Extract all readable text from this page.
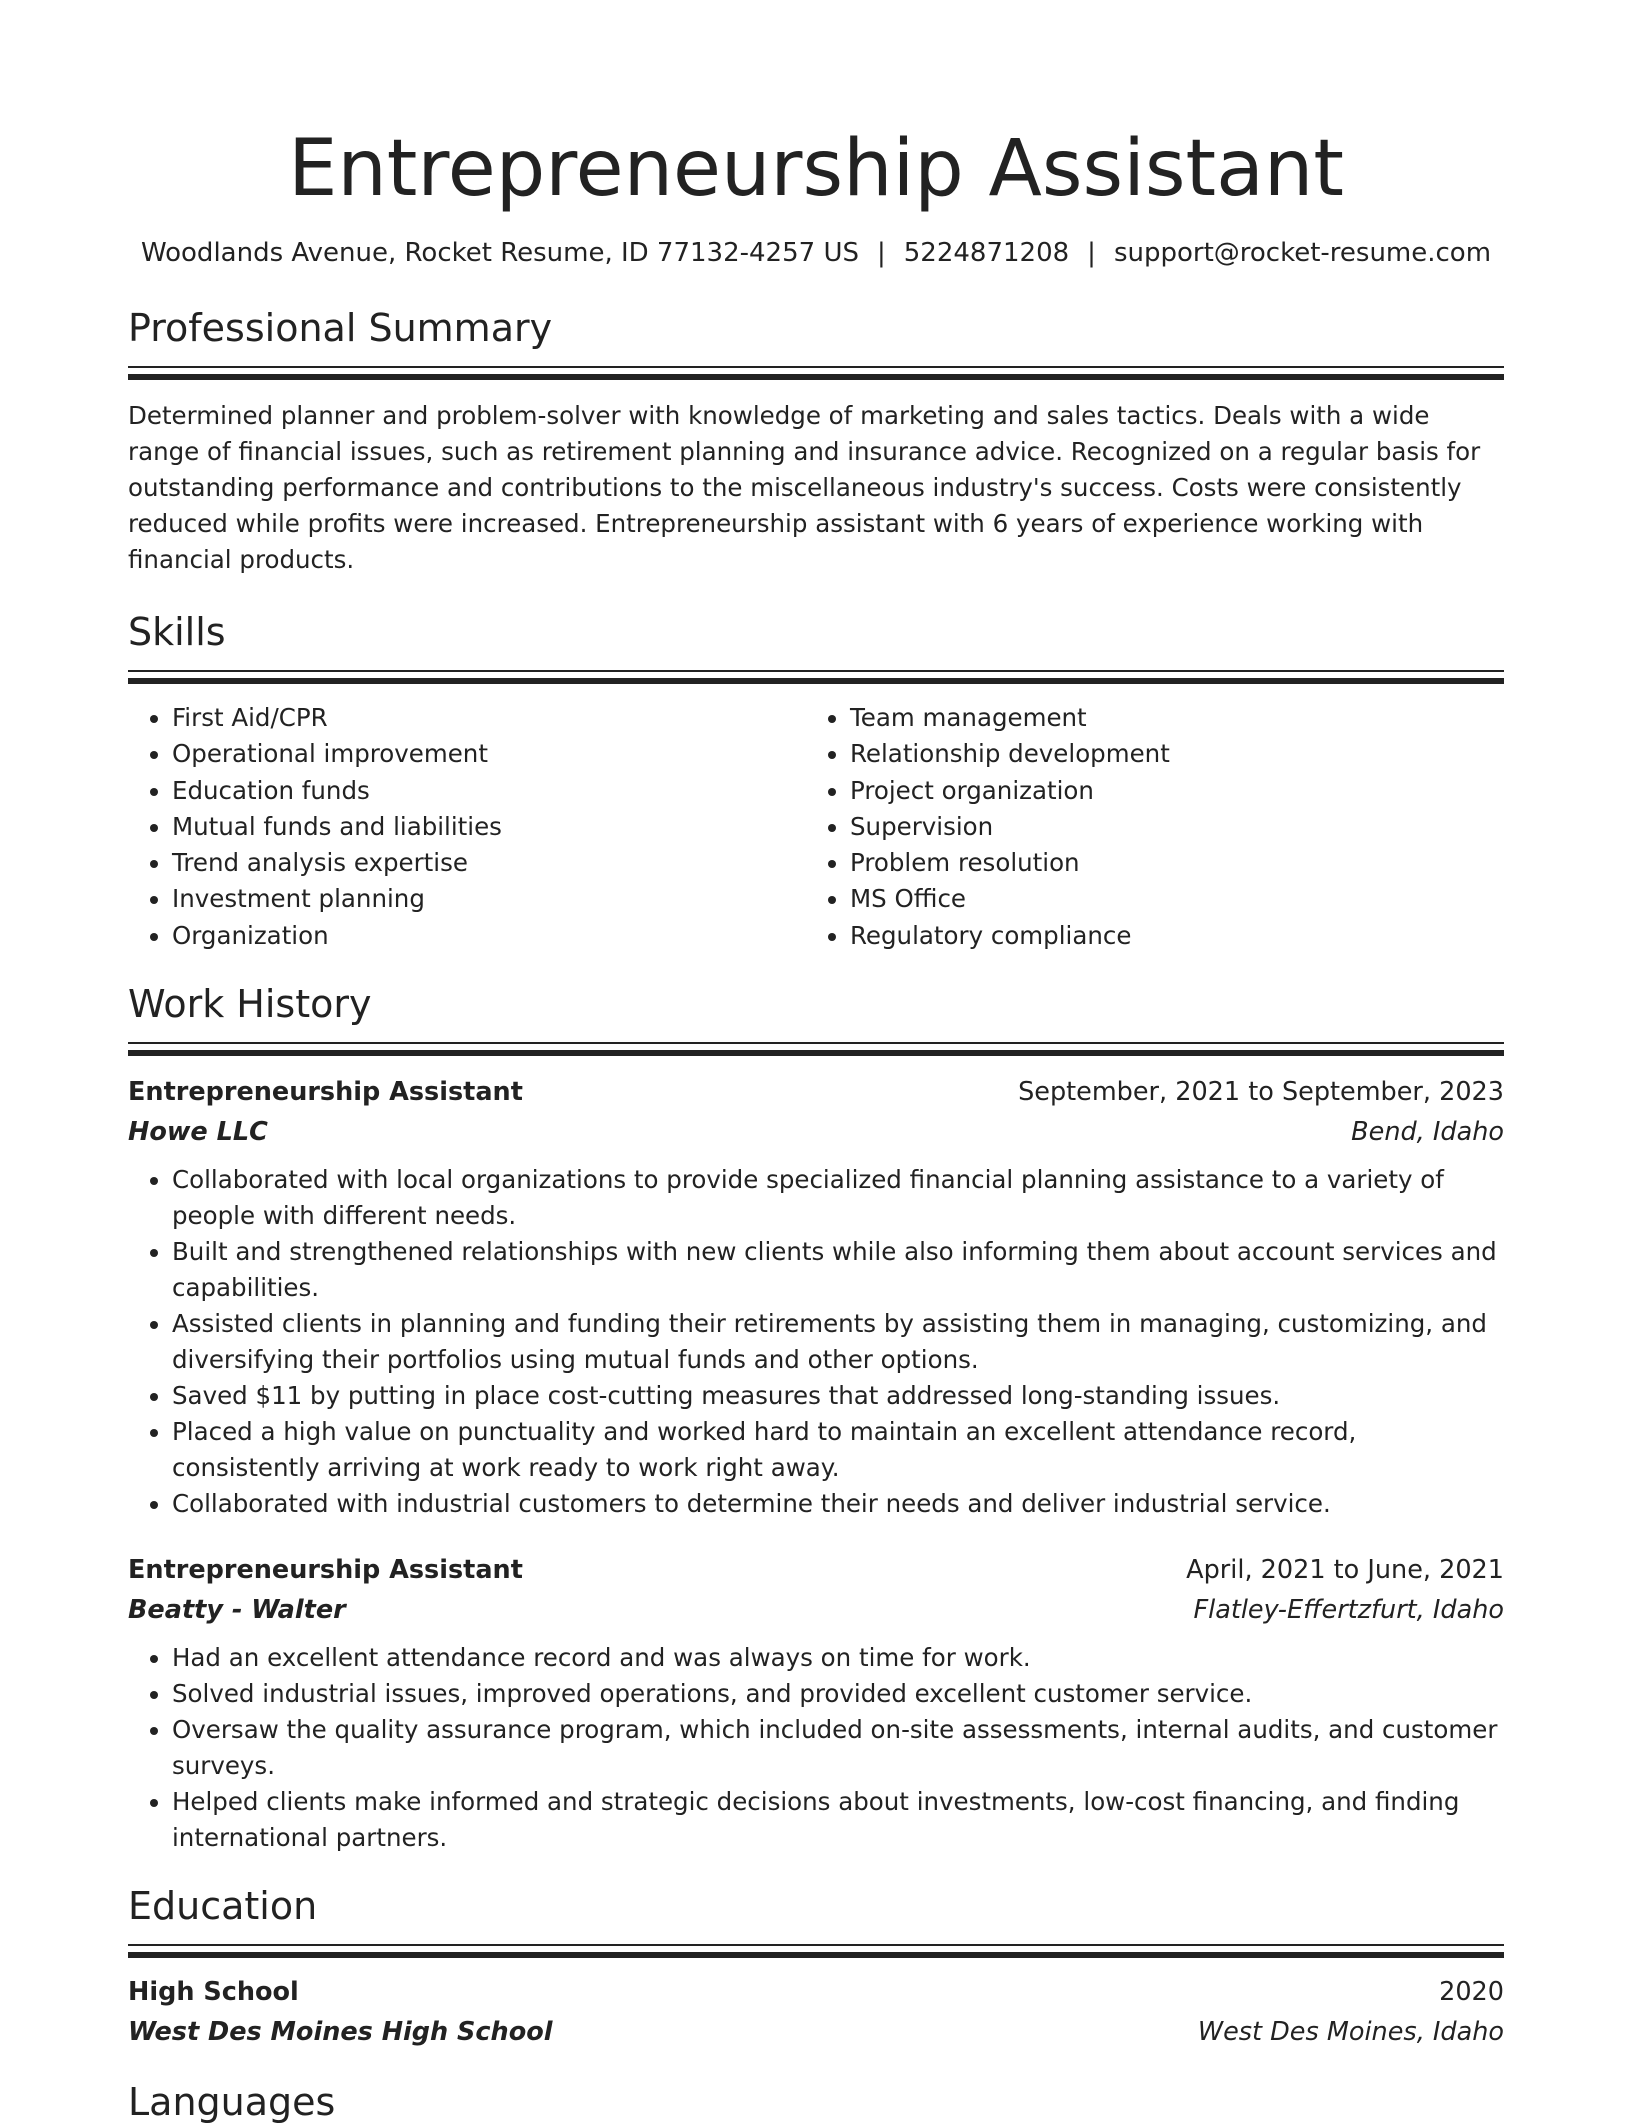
Entrepreneurship Assistant
Woodlands Avenue, Rocket Resume, ID 77132-4257 US | 5224871208 | support@rocket-resume.com
Professional Summary
Determined planner and problem-solver with knowledge of marketing and sales tactics. Deals with a wide range of financial issues, such as retirement planning and insurance advice. Recognized on a regular basis for outstanding performance and contributions to the miscellaneous industry's success. Costs were consistently reduced while profits were increased. Entrepreneurship assistant with 6 years of experience working with financial products.
Skills
• First Aid/CPR
• Operational improvement
• Education funds
• Mutual funds and liabilities
• Trend analysis expertise
• Investment planning
• Organization
• Team management
• Relationship development
• Project organization
• Supervision
• Problem resolution
• MS Office
• Regulatory compliance
Work History
Entrepreneurship Assistant	September, 2021 to September, 2023
Howe LLC	Bend, Idaho
• Collaborated with local organizations to provide specialized financial planning assistance to a variety of people with different needs.
• Built and strengthened relationships with new clients while also informing them about account services and capabilities.
• Assisted clients in planning and funding their retirements by assisting them in managing, customizing, and diversifying their portfolios using mutual funds and other options.
• Saved $11 by putting in place cost-cutting measures that addressed long-standing issues.
• Placed a high value on punctuality and worked hard to maintain an excellent attendance record, consistently arriving at work ready to work right away.
• Collaborated with industrial customers to determine their needs and deliver industrial service.
Entrepreneurship Assistant	April, 2021 to June, 2021
Beatty - Walter	Flatley-Effertzfurt, Idaho
• Had an excellent attendance record and was always on time for work.
• Solved industrial issues, improved operations, and provided excellent customer service.
• Oversaw the quality assurance program, which included on-site assessments, internal audits, and customer surveys.
• Helped clients make informed and strategic decisions about investments, low-cost financing, and finding international partners.
Education
High School	2020
West Des Moines High School	West Des Moines, Idaho
Languages
